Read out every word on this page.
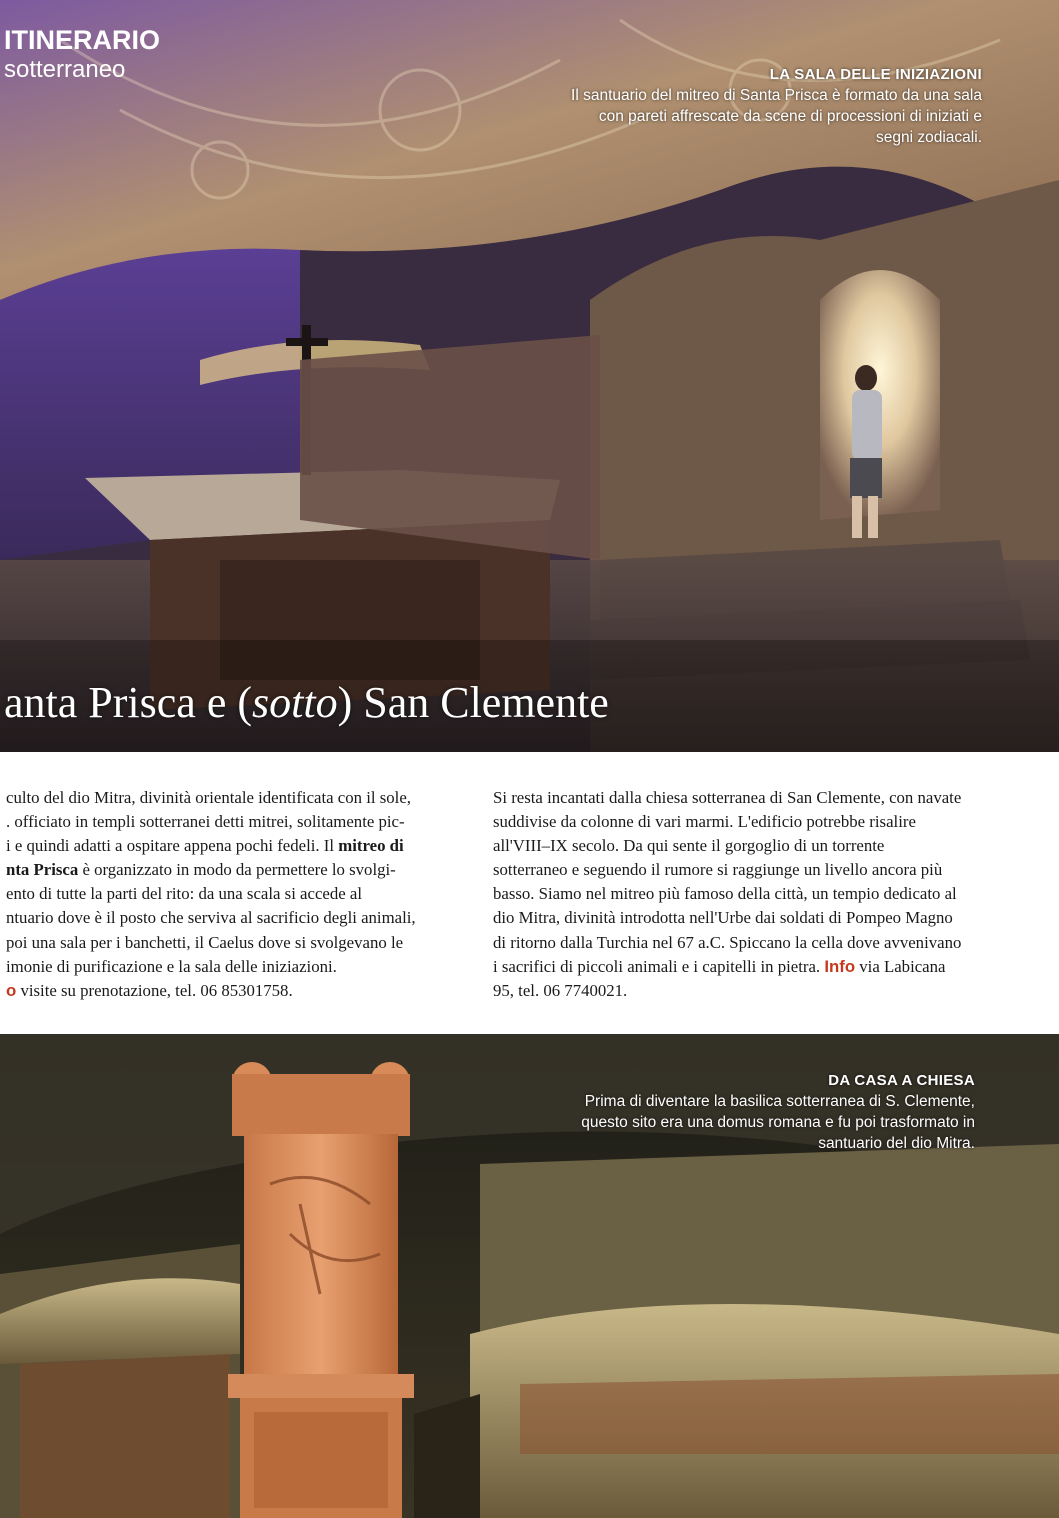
ITINERARIO
sotterraneo	LA SALA DELLE INIZIAZIONI
Il santuario del mitreo di Santa Prisca è formato da una sala con pareti affrescate da scene di processioni di iniziati e segni zodiacali.
anta Prisca e (sotto) San Clemente

culto del dio Mitra, divinità orientale identificata con il sole,

. officiato in templi sotterranei detti mitrei, solitamente pic-

i e quindi adatti a ospitare appena pochi fedeli. Il mitreo di

nta Prisca è organizzato in modo da permettere lo svolgi-

ento di tutte la parti del rito: da una scala si accede al

ntuario dove è il posto che serviva al sacrificio degli animali,

poi una sala per i banchetti, il Caelus dove si svolgevano le

imonie di purificazione e la sala delle iniziazioni.

o visite su prenotazione, tel. 06 85301758.

Si resta incantati dalla chiesa sotterranea di San Clemente, con navate suddivise da colonne di vari marmi. L'edificio potrebbe risalire all'VIII–IX secolo. Da qui sente il gorgoglio di un torrente sotterraneo e seguendo il rumore si raggiunge un livello ancora più basso. Siamo nel mitreo più famoso della città, un tempio dedicato al dio Mitra, divinità introdotta nell'Urbe dai soldati di Pompeo Magno di ritorno dalla Turchia nel 67 a.C. Spiccano la cella dove avvenivano i sacrifici di piccoli animali e i capitelli in pietra. Info via Labicana 95, tel. 06 7740021.

DA CASA A CHIESA
Prima di diventare la basilica sotterranea di S. Clemente, questo sito era una domus romana e fu poi trasformato in santuario del dio Mitra.
